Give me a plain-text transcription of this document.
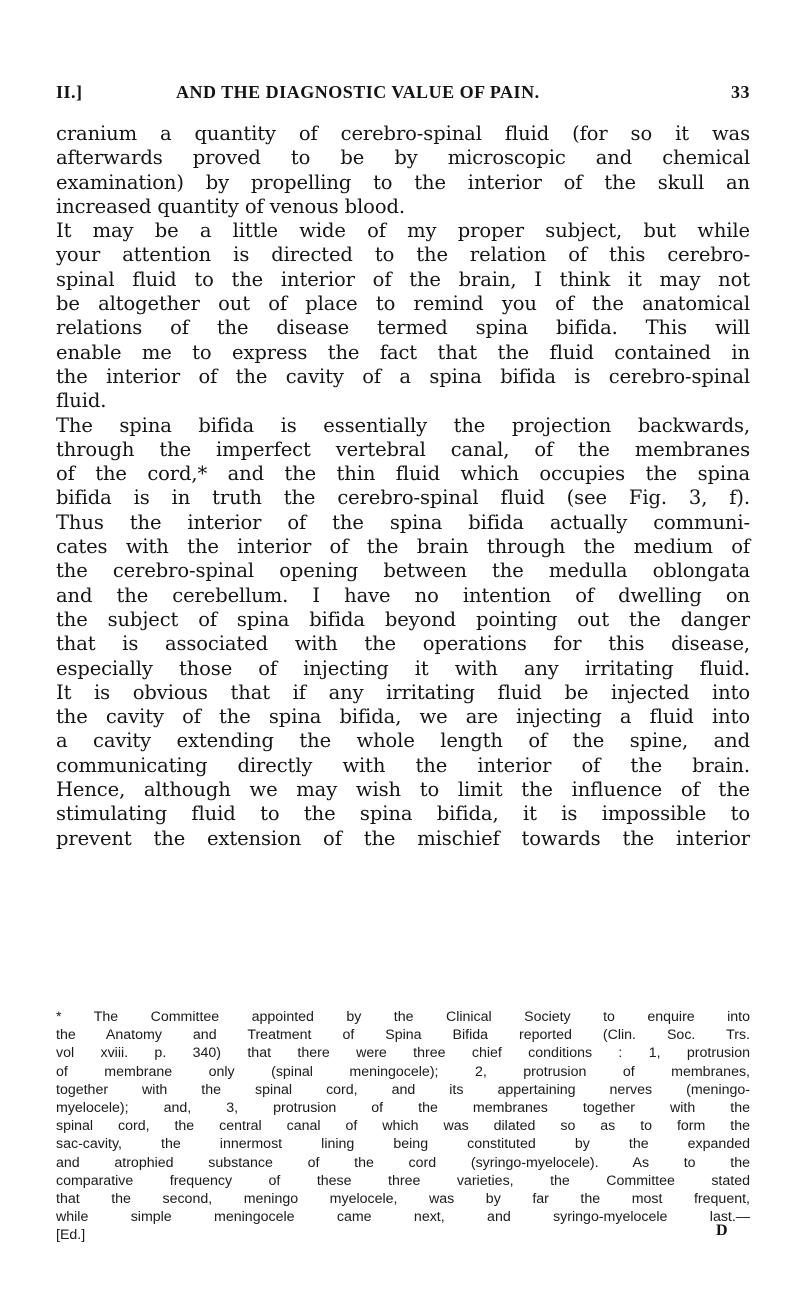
II.]	AND THE DIAGNOSTIC VALUE OF PAIN.	33
cranium a quantity of cerebro-spinal fluid (for so it was
afterwards proved to be by microscopic and chemical
examination) by propelling to the interior of the skull an
increased quantity of venous blood.
It may be a little wide of my proper subject, but while
your attention is directed to the relation of this cerebro-
spinal fluid to the interior of the brain, I think it may not
be altogether out of place to remind you of the anatomical
relations of the disease termed spina bifida. This will
enable me to express the fact that the fluid contained in
the interior of the cavity of a spina bifida is cerebro-spinal
fluid.
The spina bifida is essentially the projection backwards,
through the imperfect vertebral canal, of the membranes
of the cord,* and the thin fluid which occupies the spina
bifida is in truth the cerebro-spinal fluid (see Fig. 3, f).
Thus the interior of the spina bifida actually communi-
cates with the interior of the brain through the medium of
the cerebro-spinal opening between the medulla oblongata
and the cerebellum. I have no intention of dwelling on
the subject of spina bifida beyond pointing out the danger
that is associated with the operations for this disease,
especially those of injecting it with any irritating fluid.
It is obvious that if any irritating fluid be injected into
the cavity of the spina bifida, we are injecting a fluid into
a cavity extending the whole length of the spine, and
communicating directly with the interior of the brain.
Hence, although we may wish to limit the influence of the
stimulating fluid to the spina bifida, it is impossible to
prevent the extension of the mischief towards the interior
* The Committee appointed by the Clinical Society to enquire into
the Anatomy and Treatment of Spina Bifida reported (Clin. Soc. Trs.
vol xviii. p. 340) that there were three chief conditions : 1, protrusion
of membrane only (spinal meningocele); 2, protrusion of membranes,
together with the spinal cord, and its appertaining nerves (meningo-
myelocele); and, 3, protrusion of the membranes together with the
spinal cord, the central canal of which was dilated so as to form the
sac-cavity, the innermost lining being constituted by the expanded
and atrophied substance of the cord (syringo-myelocele). As to the
comparative frequency of these three varieties, the Committee stated
that the second, meningo myelocele, was by far the most frequent,
while simple meningocele came next, and syringo-myelocele last.—
[Ed.]	D
